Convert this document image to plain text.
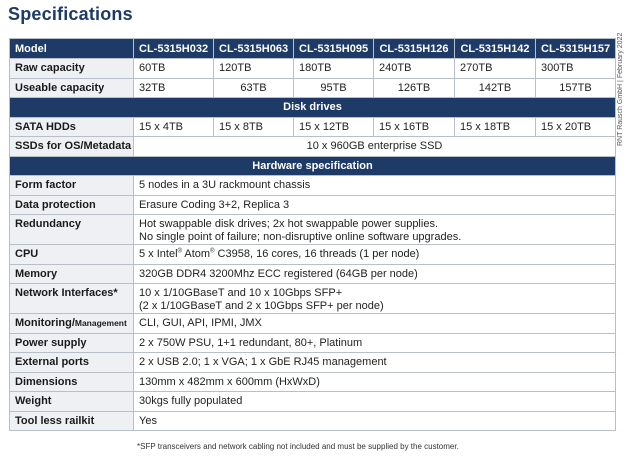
Specifications
RNT Rausch GmbH | February 2022
Model	CL-5315H032	CL-5315H063	CL-5315H095	CL-5315H126	CL-5315H142	CL-5315H157
Raw capacity	60TB	120TB	180TB	240TB	270TB	300TB
Useable capacity	32TB	63TB	95TB	126TB	142TB	157TB
Disk drives						
SATA HDDs	15 x 4TB	15 x 8TB	15 x 12TB	15 x 16TB	15 x 18TB	15 x 20TB
SSDs for OS/Metadata	10 x 960GB enterprise SSD					
Hardware specification						
Form factor	5 nodes in a 3U rackmount chassis					
Data protection	Erasure Coding 3+2, Replica 3					
Redundancy	Hot swappable disk drives; 2x hot swappable power supplies.
No single point of failure; non-disruptive online software upgrades.					

CPU	5 x Intel® Atom® C3958, 16 cores, 16 threads (1 per node)					
Memory	320GB DDR4 3200Mhz ECC registered (64GB per node)					
Network Interfaces*	10 x 1/10GBaseT and 10 x 10Gbps SFP+
(2 x 1/10GBaseT and 2 x 10Gbps SFP+ per node)					

Monitoring/Management	CLI, GUI, API, IPMI, JMX					
Power supply	2 x 750W PSU, 1+1 redundant, 80+, Platinum					
External ports	2 x USB 2.0; 1 x VGA; 1 x GbE RJ45 management					
Dimensions	130mm x 482mm x 600mm (HxWxD)					
Weight	30kgs fully populated					
Tool less railkit	Yes					
*SFP transceivers and network cabling not included and must be supplied by the customer.
